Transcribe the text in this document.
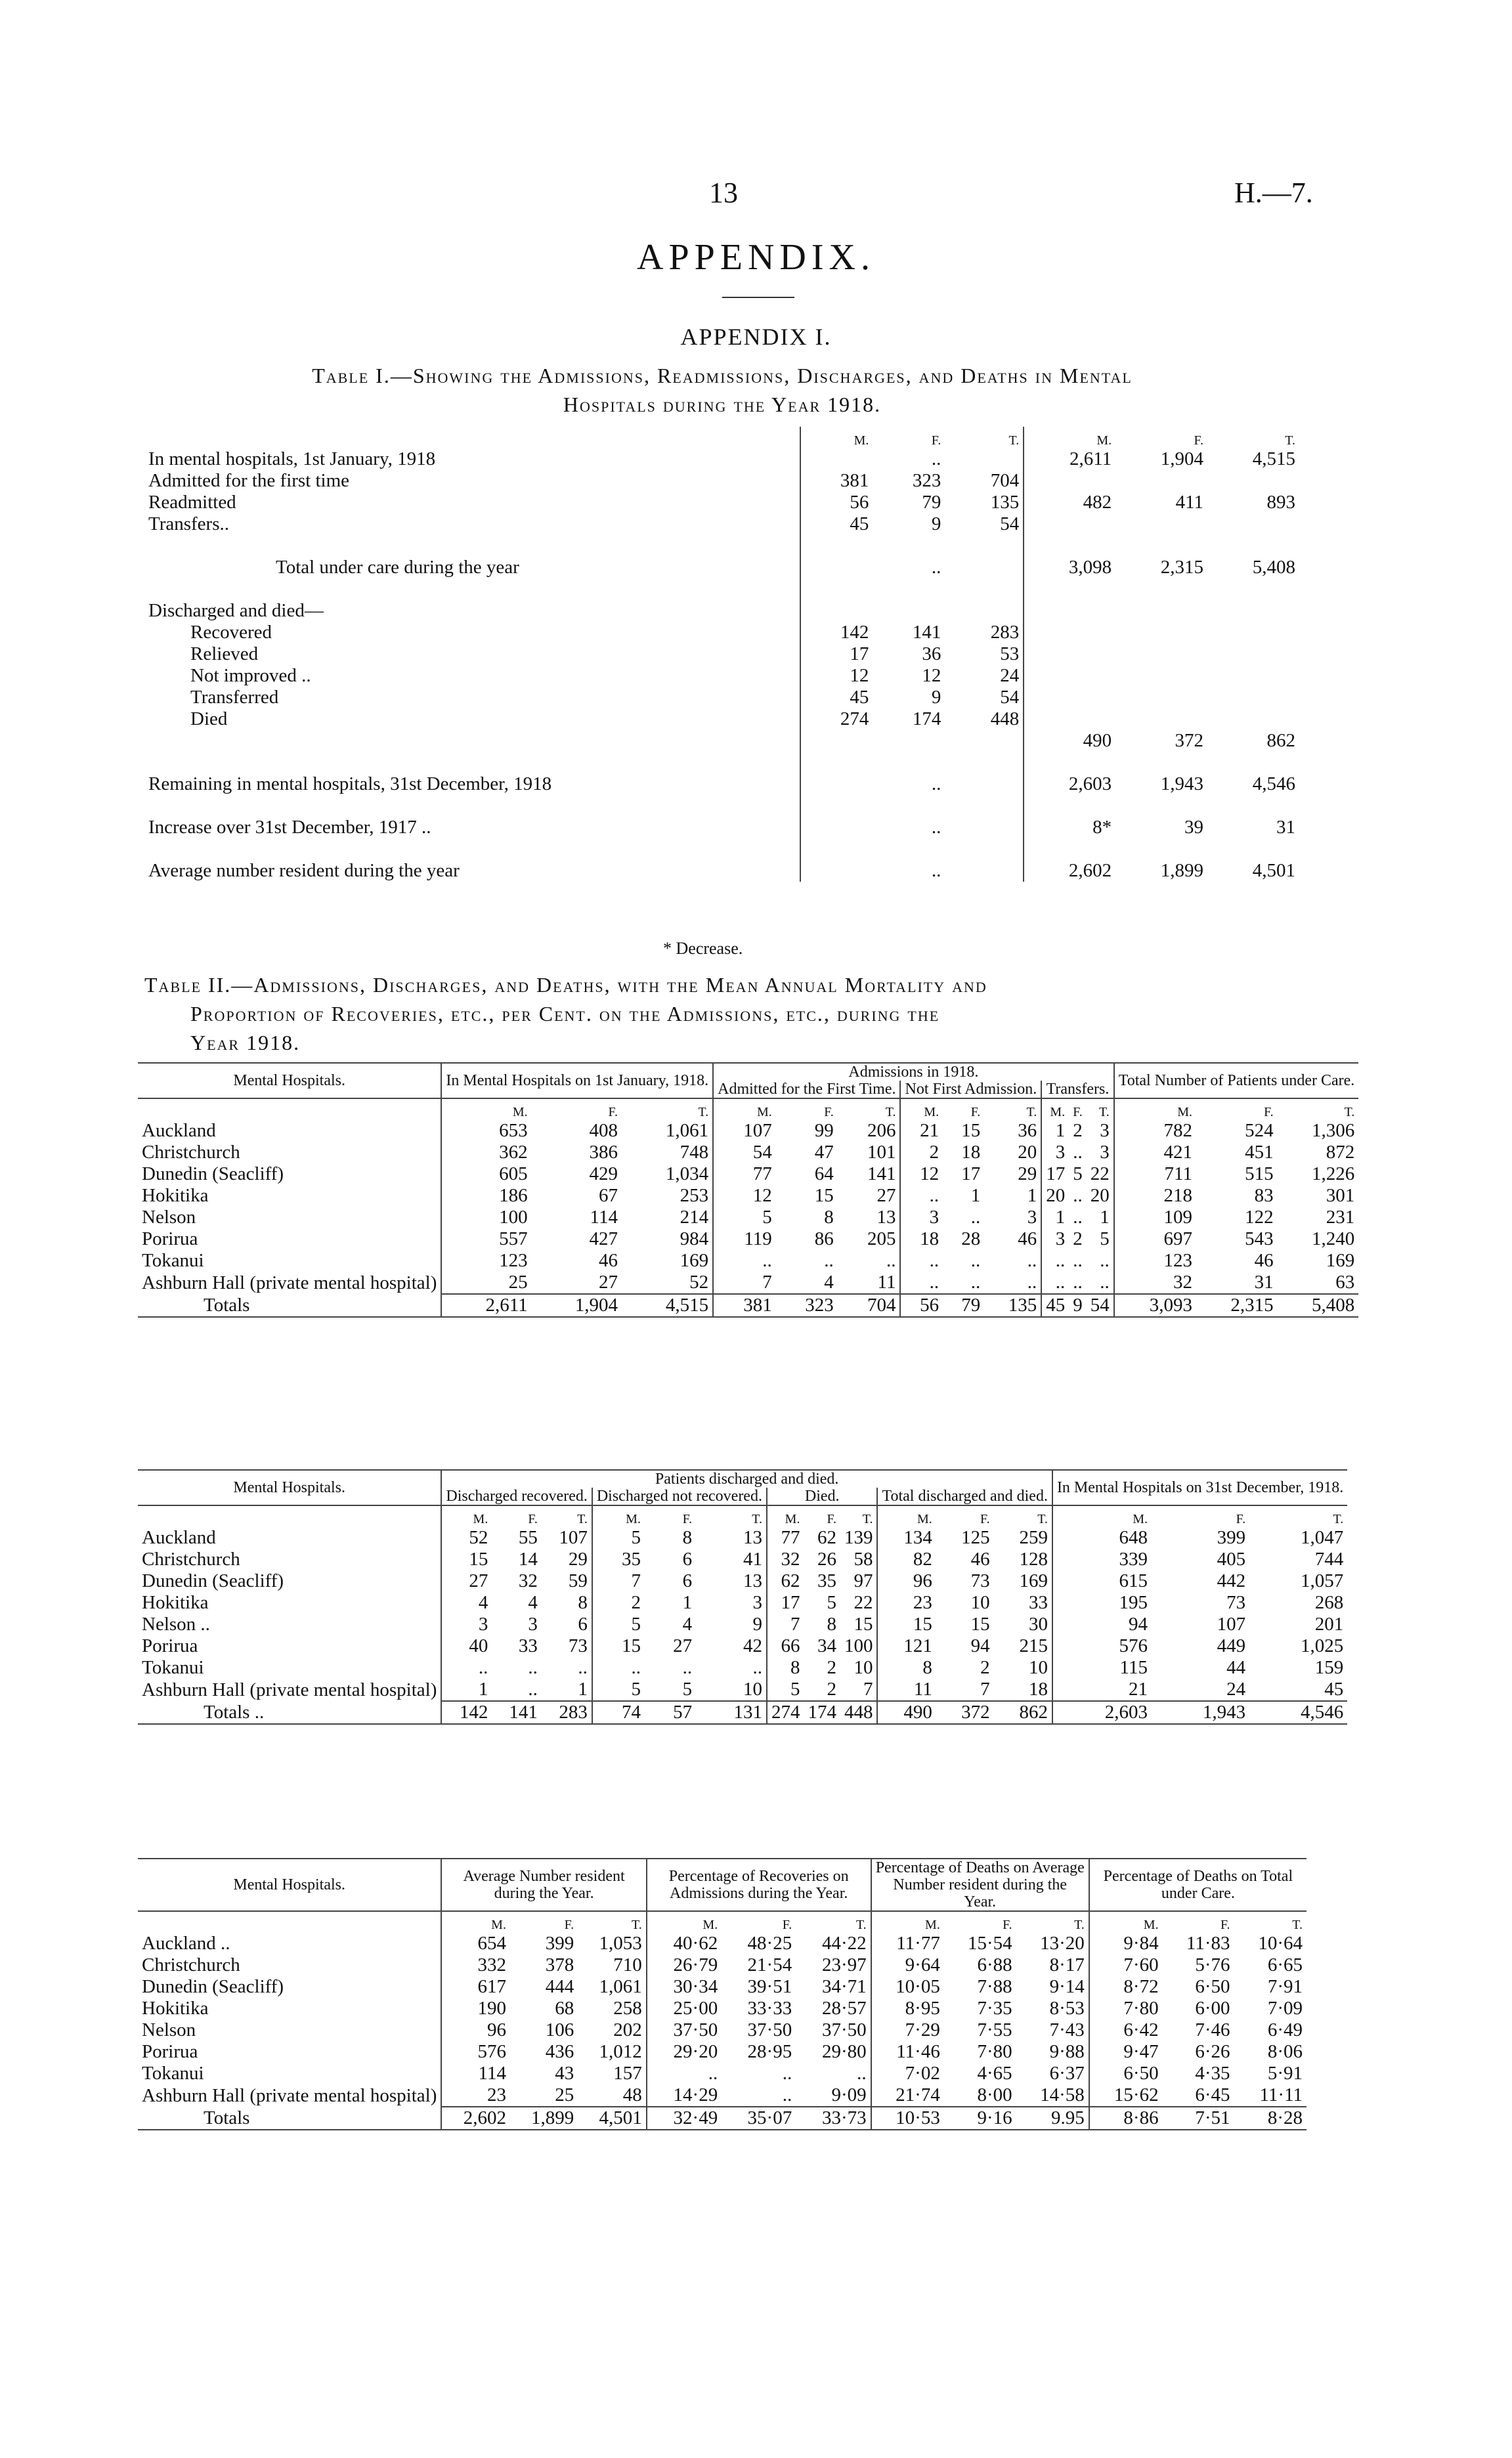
13	H.—7.
APPENDIX.
APPENDIX I.
Table I.—Showing the Admissions, Readmissions, Discharges, and Deaths in Mental
Hospitals during the Year 1918.
	M.	F.	T.	M.	F.	T.
In mental hospitals, 1st January, 1918		..		2,611	1,904	4,515
Admitted for the first time	381	323	704			
Readmitted	56	79	135	482	411	893
Transfers..	45	9	54			
Total under care during the year		..		3,098	2,315	5,408
Discharged and died—						
Recovered	142	141	283			
Relieved	17	36	53			
Not improved ..	12	12	24			
Transferred	45	9	54			
Died	274	174	448			
				490	372	862
Remaining in mental hospitals, 31st December, 1918		..		2,603	1,943	4,546
Increase over 31st December, 1917 ..		..		8*	39	31
Average number resident during the year		..		2,602	1,899	4,501
* Decrease.
Table II.—Admissions, Discharges, and Deaths, with the Mean Annual Mortality and
Proportion of Recoveries, etc., per Cent. on the Admissions, etc., during the
Year 1918.
Mental Hospitals.	In Mental Hospitals on 1st January, 1918.			Admissions in 1918.									Total Number of Patients under Care.		
				Admitted for the First Time.			Not First Admission.			Transfers.					
	M.	F.	T.	M.	F.	T.	M.	F.	T.	M.	F.	T.	M.	F.	T.
Auckland	653	408	1,061	107	99	206	21	15	36	1	2	3	782	524	1,306
Christchurch	362	386	748	54	47	101	2	18	20	3	..	3	421	451	872
Dunedin (Seacliff)	605	429	1,034	77	64	141	12	17	29	17	5	22	711	515	1,226
Hokitika	186	67	253	12	15	27	..	1	1	20	..	20	218	83	301
Nelson	100	114	214	5	8	13	3	..	3	1	..	1	109	122	231
Porirua	557	427	984	119	86	205	18	28	46	3	2	5	697	543	1,240
Tokanui	123	46	169	..	..	..	..	..	..	..	..	..	123	46	169
Ashburn Hall (private mental hospital)	25	27	52	7	4	11	..	..	..	..	..	..	32	31	63
Totals	2,611	1,904	4,515	381	323	704	56	79	135	45	9	54	3,093	2,315	5,408
Mental Hospitals.	Patients discharged and died.												In Mental Hospitals on 31st December, 1918.		
	Discharged recovered.			Discharged not recovered.			Died.			Total discharged and died.					
	M.	F.	T.	M.	F.	T.	M.	F.	T.	M.	F.	T.	M.	F.	T.
Auckland	52	55	107	5	8	13	77	62	139	134	125	259	648	399	1,047
Christchurch	15	14	29	35	6	41	32	26	58	82	46	128	339	405	744
Dunedin (Seacliff)	27	32	59	7	6	13	62	35	97	96	73	169	615	442	1,057
Hokitika	4	4	8	2	1	3	17	5	22	23	10	33	195	73	268
Nelson ..	3	3	6	5	4	9	7	8	15	15	15	30	94	107	201
Porirua	40	33	73	15	27	42	66	34	100	121	94	215	576	449	1,025
Tokanui	..	..	..	..	..	..	8	2	10	8	2	10	115	44	159
Ashburn Hall (private mental hospital)	1	..	1	5	5	10	5	2	7	11	7	18	21	24	45
Totals ..	142	141	283	74	57	131	274	174	448	490	372	862	2,603	1,943	4,546
Mental Hospitals.	Average Number resident during the Year.			Percentage of Recoveries on Admissions during the Year.			Percentage of Deaths on Average Number resident during the Year.			Percentage of Deaths on Total under Care.		
	M.	F.	T.	M.	F.	T.	M.	F.	T.	M.	F.	T.
Auckland ..	654	399	1,053	40·62	48·25	44·22	11·77	15·54	13·20	9·84	11·83	10·64
Christchurch	332	378	710	26·79	21·54	23·97	9·64	6·88	8·17	7·60	5·76	6·65
Dunedin (Seacliff)	617	444	1,061	30·34	39·51	34·71	10·05	7·88	9·14	8·72	6·50	7·91
Hokitika	190	68	258	25·00	33·33	28·57	8·95	7·35	8·53	7·80	6·00	7·09
Nelson	96	106	202	37·50	37·50	37·50	7·29	7·55	7·43	6·42	7·46	6·49
Porirua	576	436	1,012	29·20	28·95	29·80	11·46	7·80	9·88	9·47	6·26	8·06
Tokanui	114	43	157	..	..	..	7·02	4·65	6·37	6·50	4·35	5·91
Ashburn Hall (private mental hospital)	23	25	48	14·29	..	9·09	21·74	8·00	14·58	15·62	6·45	11·11
Totals	2,602	1,899	4,501	32·49	35·07	33·73	10·53	9·16	9.95	8·86	7·51	8·28
